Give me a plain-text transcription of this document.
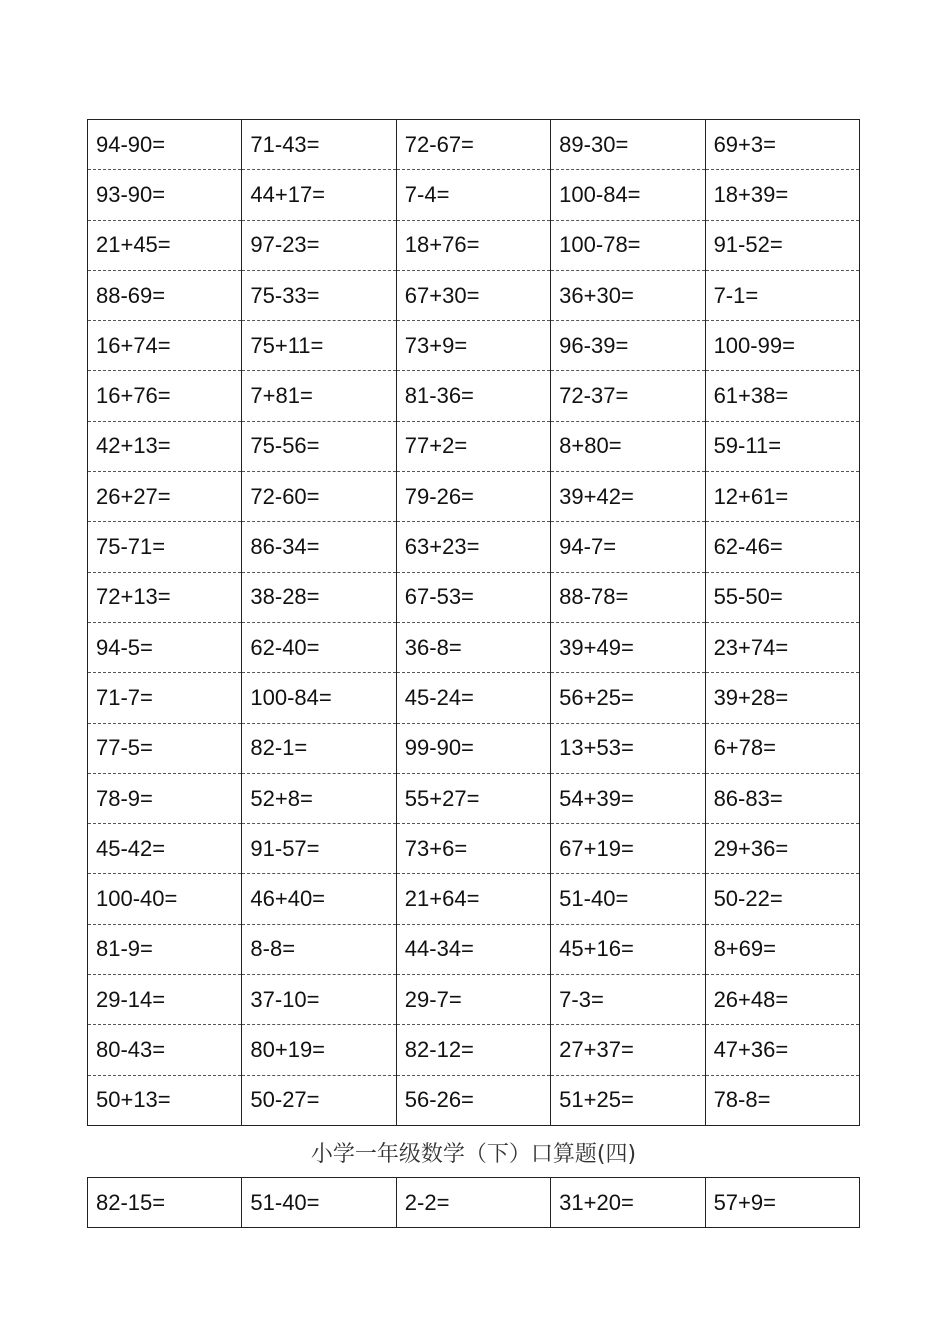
94-90=	71-43=	72-67=	89-30=	69+3=
93-90=	44+17=	7-4=	100-84=	18+39=
21+45=	97-23=	18+76=	100-78=	91-52=
88-69=	75-33=	67+30=	36+30=	7-1=
16+74=	75+11=	73+9=	96-39=	100-99=
16+76=	7+81=	81-36=	72-37=	61+38=
42+13=	75-56=	77+2=	8+80=	59-11=
26+27=	72-60=	79-26=	39+42=	12+61=
75-71=	86-34=	63+23=	94-7=	62-46=
72+13=	38-28=	67-53=	88-78=	55-50=
94-5=	62-40=	36-8=	39+49=	23+74=
71-7=	100-84=	45-24=	56+25=	39+28=
77-5=	82-1=	99-90=	13+53=	6+78=
78-9=	52+8=	55+27=	54+39=	86-83=
45-42=	91-57=	73+6=	67+19=	29+36=
100-40=	46+40=	21+64=	51-40=	50-22=
81-9=	8-8=	44-34=	45+16=	8+69=
29-14=	37-10=	29-7=	7-3=	26+48=
80-43=	80+19=	82-12=	27+37=	47+36=
50+13=	50-27=	56-26=	51+25=	78-8=
小学一年级数学（下）口算题(四)
82-15=	51-40=	2-2=	31+20=	57+9=
